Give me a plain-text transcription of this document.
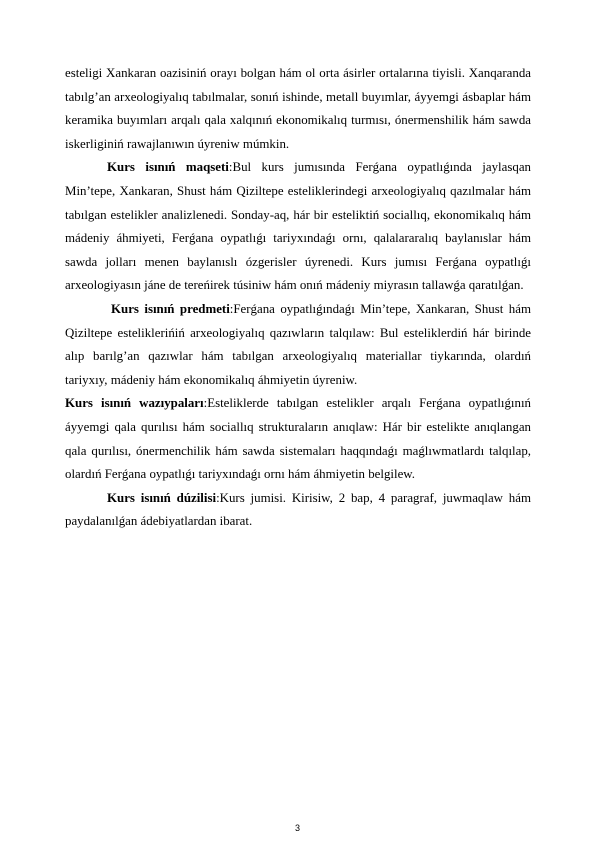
esteligi Xankaran oazisiniń orayı bolgan hám ol orta ásirler ortalarına tiyisli. Xanqaranda tabılg’an arxeologiyalıq tabılmalar, sonıń ishinde, metall buyımlar, áyyemgi ásbaplar hám keramika buyımları arqalı qala xalqınıń ekonomikalıq turmısı, ónermenshilik hám sawda iskerliginiń rawajlanıwın úyreniw múmkin.

Kurs isınıń maqseti:Bul kurs jumısında Ferǵana oypatlıǵında jaylasqan Min’tepe, Xankaran, Shust hám Qiziltepe esteliklerindegi arxeologiyalıq qazılmalar hám tabılgan estelikler analizlenedi. Sonday-aq, hár bir esteliktiń sociallıq, ekonomikalıq hám mádeniy áhmiyeti, Ferǵana oypatlıǵı tariyxındaǵı ornı, qalalararalıq baylanıslar hám sawda jolları menen baylanıslı ózgerisler úyrenedi. Kurs jumısı Ferǵana oypatlıǵı arxeologiyasın jáne de tereńirek túsiniw hám onıń mádeniy miyrasın tallawǵa qaratılǵan.

Kurs isınıń predmeti:Ferǵana oypatlıǵındaǵı Min’tepe, Xankaran, Shust hám Qiziltepe esteliklerińiń arxeologiyalıq qazıwların talqılaw: Bul esteliklerdiń hár birinde alıp barılg’an qazıwlar hám tabılgan arxeologiyalıq materiallar tiykarında, olardıń tariyxıy, mádeniy hám ekonomikalıq áhmiyetin úyreniw.

Kurs isınıń wazıypaları:Esteliklerde tabılgan estelikler arqalı Ferǵana oypatlıǵınıń áyyemgi qala qurılısı hám sociallıq strukturaların anıqlaw: Hár bir estelikte anıqlangan qala qurılısı, ónermenchilik hám sawda sistemaları haqqındaǵı maǵlıwmatlardı talqılap, olardıń Ferǵana oypatlıǵı tariyxındaǵı ornı hám áhmiyetin belgilew.

Kurs isınıń dúzilisi:Kurs jumisi. Kirisiw, 2 bap, 4 paragraf, juwmaqlaw hám paydalanılǵan ádebiyatlardan ibarat.

3
